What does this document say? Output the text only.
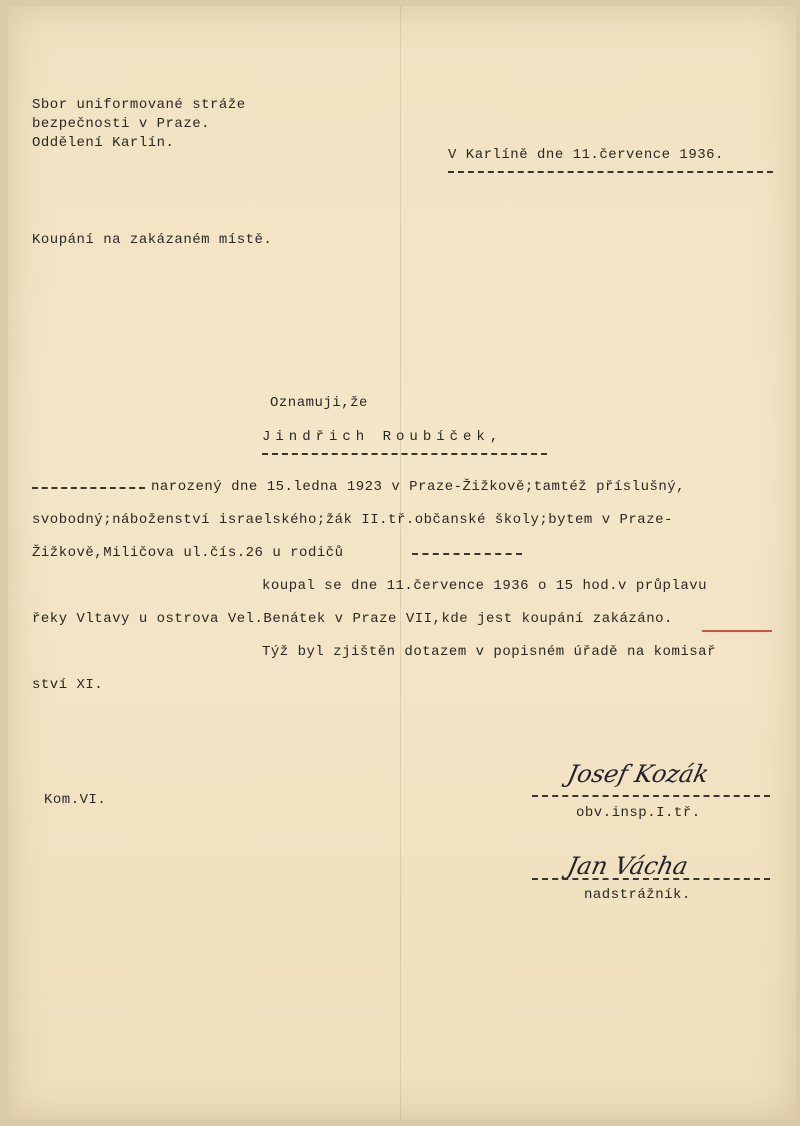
Sbor uniformované stráže
bezpečnosti v Praze.
Oddělení Karlín.
V Karlíně dne 11.července 1936.
Koupání na zakázaném místě.
Oznamuji,že
Jindřich Roubíček,
narozený dne 15.ledna 1923 v Praze-Žižkově;tamtéž příslušný,
svobodný;náboženství israelského;žák II.tř.občanské školy;bytem v Praze-
Žižkově,Miličova ul.čís.26 u rodičů
koupal se dne 11.července 1936 o 15 hod.v průplavu
řeky Vltavy u ostrova Vel.Benátek v Praze VII,kde jest koupání zakázáno.
Týž byl zjištěn dotazem v popisném úřadě na komisař
ství XI.
Kom.VI.
Josef Kozák
obv.insp.I.tř.
Jan Vácha
nadstrážník.
